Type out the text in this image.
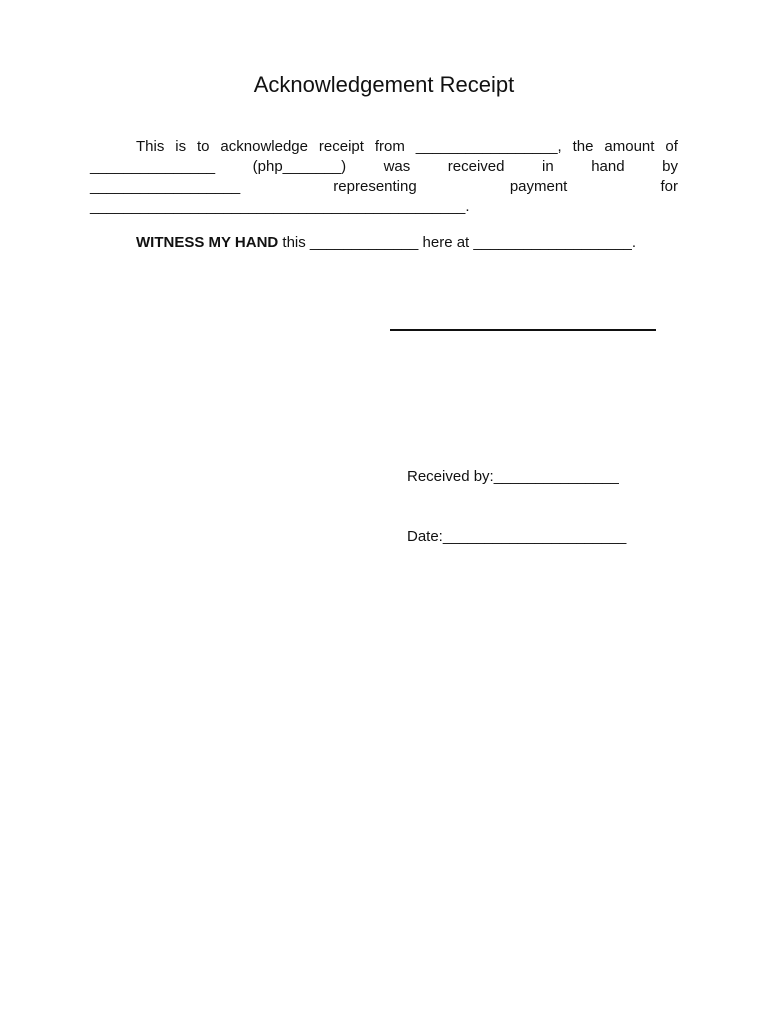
Acknowledgement Receipt
This is to acknowledge receipt from _________________, the amount of
_______________	(php_______)	was	received	in	hand	by
__________________	representing	payment	for
_____________________________________________.
WITNESS MY HAND this _____________ here at ___________________.

Received by:_______________

Date:______________________
